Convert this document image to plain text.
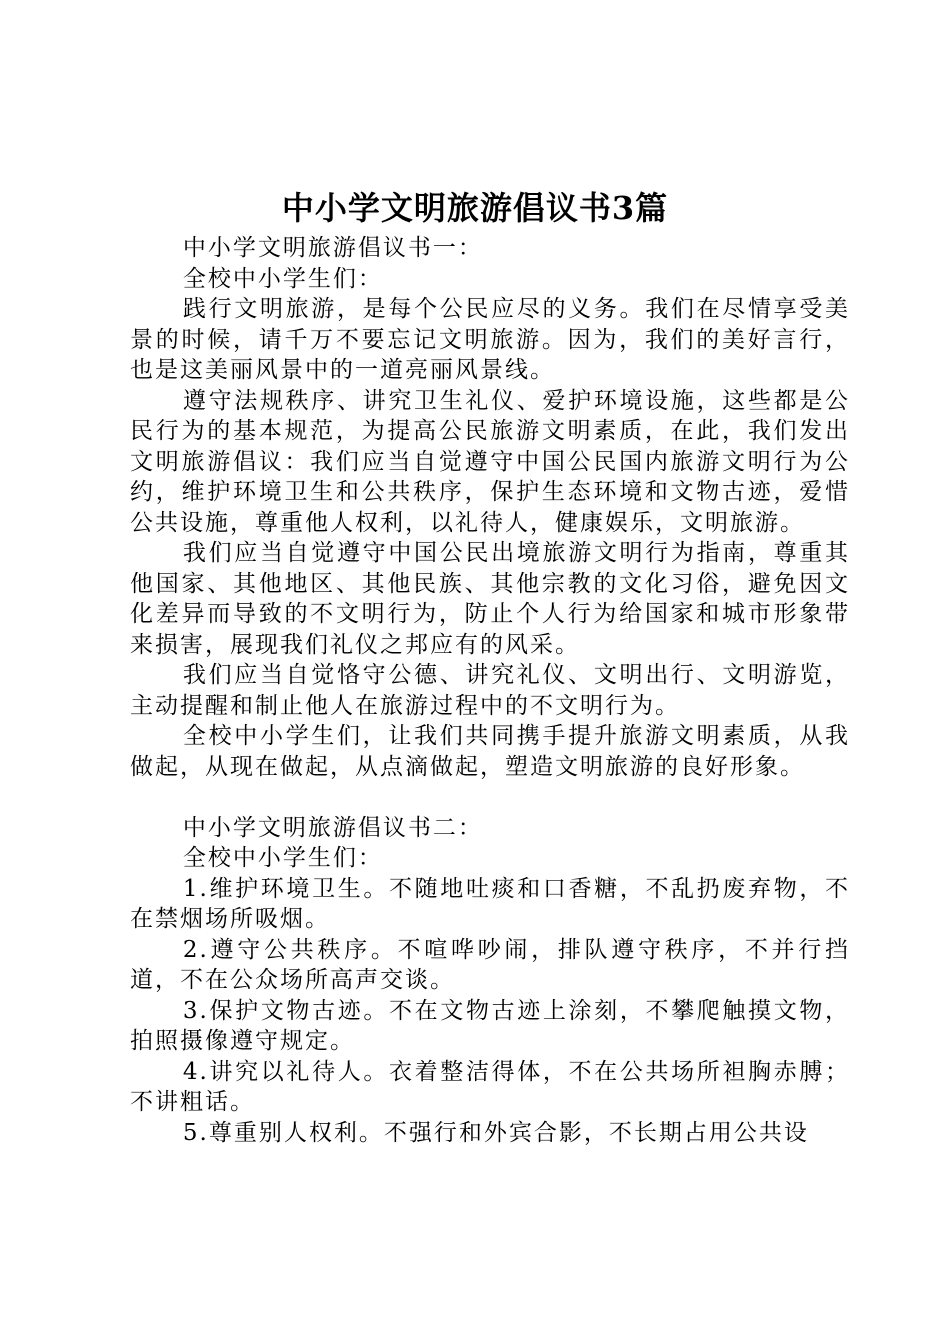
中小学文明旅游倡议书3篇

中小学文明旅游倡议书一：

全校中小学生们：

践行文明旅游，是每个公民应尽的义务。我们在尽情享受美景的时候，请千万不要忘记文明旅游。因为，我们的美好言行，也是这美丽风景中的一道亮丽风景线。

遵守法规秩序、讲究卫生礼仪、爱护环境设施，这些都是公民行为的基本规范，为提高公民旅游文明素质，在此，我们发出文明旅游倡议：我们应当自觉遵守中国公民国内旅游文明行为公约，维护环境卫生和公共秩序，保护生态环境和文物古迹，爱惜公共设施，尊重他人权利，以礼待人，健康娱乐，文明旅游。

我们应当自觉遵守中国公民出境旅游文明行为指南，尊重其他国家、其他地区、其他民族、其他宗教的文化习俗，避免因文化差异而导致的不文明行为，防止个人行为给国家和城市形象带来损害，展现我们礼仪之邦应有的风采。

我们应当自觉恪守公德、讲究礼仪、文明出行、文明游览，主动提醒和制止他人在旅游过程中的不文明行为。

全校中小学生们，让我们共同携手提升旅游文明素质，从我做起，从现在做起，从点滴做起，塑造文明旅游的良好形象。

中小学文明旅游倡议书二：

全校中小学生们：

1.维护环境卫生。不随地吐痰和口香糖，不乱扔废弃物，不在禁烟场所吸烟。

2.遵守公共秩序。不喧哗吵闹，排队遵守秩序，不并行挡道，不在公众场所高声交谈。

3.保护文物古迹。不在文物古迹上涂刻，不攀爬触摸文物，拍照摄像遵守规定。

4.讲究以礼待人。衣着整洁得体，不在公共场所袒胸赤膊；不讲粗话。

5.尊重别人权利。不强行和外宾合影，不长期占用公共设
